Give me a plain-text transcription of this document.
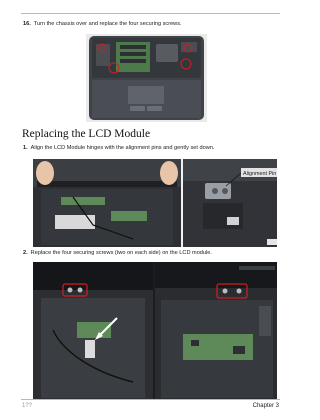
16. Turn the chassis over and replace the four securing screws.
Replacing the LCD Module
1. Align the LCD Module hinges with the alignment pins and gently set down.
Alignment Pin
2. Replace the four securing screws (two on each side) on the LCD module.
1??	Chapter 3
